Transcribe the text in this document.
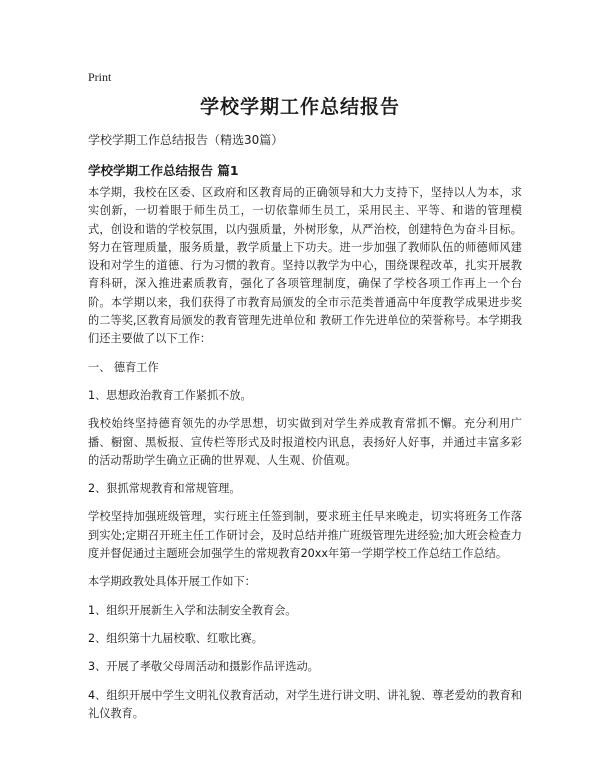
Print
学校学期工作总结报告
学校学期工作总结报告（精选30篇）
学校学期工作总结报告 篇1

本学期，我校在区委、区政府和区教育局的正确领导和大力支持下，坚持以人为本，求实创新，一切着眼于师生员工，一切依靠师生员工，采用民主、平等、和谐的管理模式，创设和谐的学校氛围，以内强质量，外树形象，从严治校，创建特色为奋斗目标。努力在管理质量，服务质量，教学质量上下功夫。进一步加强了教师队伍的师德师风建设和对学生的道德、行为习惯的教育。坚持以教学为中心，围绕课程改革，扎实开展教育科研，深入推进素质教育，强化了各项管理制度，确保了学校各项工作再上一个台阶。本学期以来，我们获得了市教育局颁发的全市示范类普通高中年度教学成果进步奖的二等奖,区教育局颁发的教育管理先进单位和 教研工作先进单位的荣誉称号。本学期我们还主要做了以下工作：

一、 德育工作

1、思想政治教育工作紧抓不放。

我校始终坚持德育领先的办学思想，切实做到对学生养成教育常抓不懈。充分利用广播、橱窗、黑板报、宣传栏等形式及时报道校内讯息，表扬好人好事，并通过丰富多彩的活动帮助学生确立正确的世界观、人生观、价值观。

2、狠抓常规教育和常规管理。

学校坚持加强班级管理，实行班主任签到制，要求班主任早来晚走，切实将班务工作落到实处;定期召开班主任工作研讨会，及时总结并推广班级管理先进经验;加大班会检查力度并督促通过主题班会加强学生的常规教育20xx年第一学期学校工作总结工作总结。

本学期政教处具体开展工作如下：

1、组织开展新生入学和法制安全教育会。

2、组织第十九届校歌、红歌比赛。

3、开展了孝敬父母周活动和摄影作品评选动。

4、组织开展中学生文明礼仪教育活动，对学生进行讲文明、讲礼貌、尊老爱幼的教育和礼仪教育。
